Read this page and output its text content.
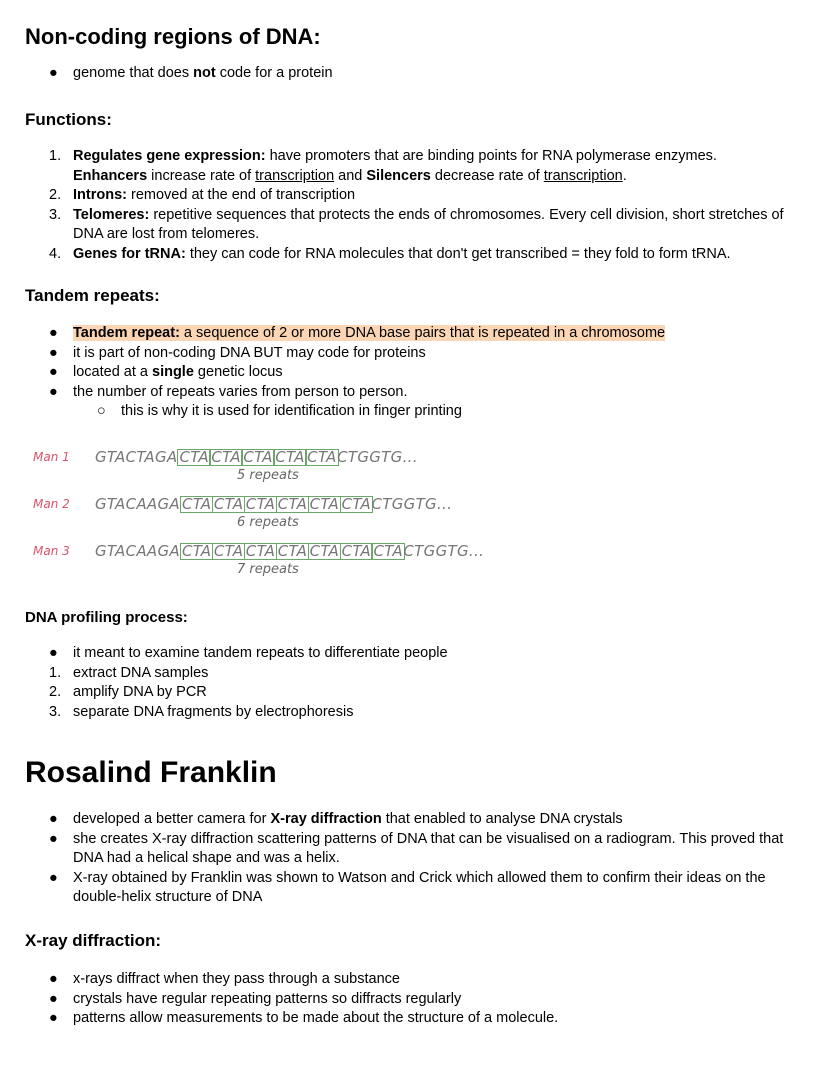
Non-coding regions of DNA:
●	genome that does not code for a protein
Functions:
1. Regulates gene expression: have promoters that are binding points for RNA polymerase enzymes.
Enhancers increase rate of transcription and Silencers decrease rate of transcription.
2. Introns: removed at the end of transcription
3. Telomeres: repetitive sequences that protects the ends of chromosomes. Every cell division, short stretches of DNA are lost from telomeres.
4. Genes for tRNA: they can code for RNA molecules that don't get transcribed = they fold to form tRNA.
Tandem repeats:
●	Tandem repeat: a sequence of 2 or more DNA base pairs that is repeated in a chromosome
●	it is part of non-coding DNA BUT may code for proteins
●	located at a single genetic locus
●	the number of repeats varies from person to person.
○	this is why it is used for identification in finger printing
Man 1 GTACTAGA CTA CTA CTA CTA CTACTGGTG...
5 repeats
Man 2 GTACAAGA CTA CTA CTA CTA CTA CTACTGGTG...
6 repeats
Man 3 GTACAAGA CTA CTA CTA CTA CTA CTA CTACTGGTG...
7 repeats
DNA profiling process:
●	it meant to examine tandem repeats to differentiate people
1. extract DNA samples
2. amplify DNA by PCR
3. separate DNA fragments by electrophoresis
Rosalind Franklin
●	developed a better camera for X-ray diffraction that enabled to analyse DNA crystals
●	she creates X-ray diffraction scattering patterns of DNA that can be visualised on a radiogram. This proved that DNA had a helical shape and was a helix.
●	X-ray obtained by Franklin was shown to Watson and Crick which allowed them to confirm their ideas on the double-helix structure of DNA
X-ray diffraction:
●	x-rays diffract when they pass through a substance
●	crystals have regular repeating patterns so diffracts regularly
●	patterns allow measurements to be made about the structure of a molecule.
